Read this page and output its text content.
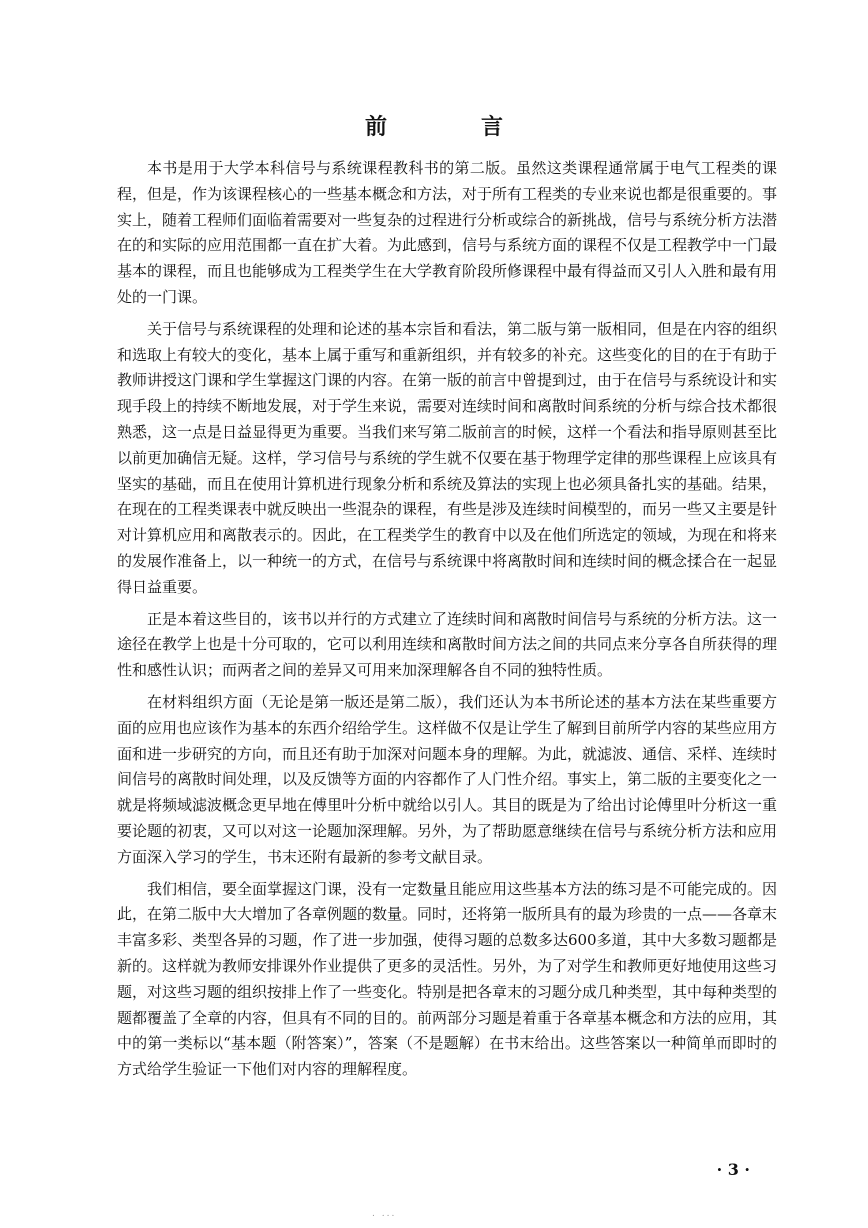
前　言

本书是用于大学本科信号与系统课程教科书的第二版。虽然这类课程通常属于电气工程类的课程，但是，作为该课程核心的一些基本概念和方法，对于所有工程类的专业来说也都是很重要的。事实上，随着工程师们面临着需要对一些复杂的过程进行分析或综合的新挑战，信号与系统分析方法潜在的和实际的应用范围都一直在扩大着。为此感到，信号与系统方面的课程不仅是工程教学中一门最基本的课程，而且也能够成为工程类学生在大学教育阶段所修课程中最有得益而又引人入胜和最有用处的一门课。

关于信号与系统课程的处理和论述的基本宗旨和看法，第二版与第一版相同，但是在内容的组织和选取上有较大的变化，基本上属于重写和重新组织，并有较多的补充。这些变化的目的在于有助于教师讲授这门课和学生掌握这门课的内容。在第一版的前言中曾提到过，由于在信号与系统设计和实现手段上的持续不断地发展，对于学生来说，需要对连续时间和离散时间系统的分析与综合技术都很熟悉，这一点是日益显得更为重要。当我们来写第二版前言的时候，这样一个看法和指导原则甚至比以前更加确信无疑。这样，学习信号与系统的学生就不仅要在基于物理学定律的那些课程上应该具有坚实的基础，而且在使用计算机进行现象分析和系统及算法的实现上也必须具备扎实的基础。结果，在现在的工程类课表中就反映出一些混杂的课程，有些是涉及连续时间模型的，而另一些又主要是针对计算机应用和离散表示的。因此，在工程类学生的教育中以及在他们所选定的领域，为现在和将来的发展作准备上，以一种统一的方式，在信号与系统课中将离散时间和连续时间的概念揉合在一起显得日益重要。

正是本着这些目的，该书以并行的方式建立了连续时间和离散时间信号与系统的分析方法。这一途径在教学上也是十分可取的，它可以利用连续和离散时间方法之间的共同点来分享各自所获得的理性和感性认识；而两者之间的差异又可用来加深理解各自不同的独特性质。

在材料组织方面（无论是第一版还是第二版），我们还认为本书所论述的基本方法在某些重要方面的应用也应该作为基本的东西介绍给学生。这样做不仅是让学生了解到目前所学内容的某些应用方面和进一步研究的方向，而且还有助于加深对问题本身的理解。为此，就滤波、通信、采样、连续时间信号的离散时间处理，以及反馈等方面的内容都作了人门性介绍。事实上，第二版的主要变化之一就是将频域滤波概念更早地在傅里叶分析中就给以引人。其目的既是为了给出讨论傅里叶分析这一重要论题的初衷，又可以对这一论题加深理解。另外，为了帮助愿意继续在信号与系统分析方法和应用方面深入学习的学生，书末还附有最新的参考文献目录。

我们相信，要全面掌握这门课，没有一定数量且能应用这些基本方法的练习是不可能完成的。因此，在第二版中大大增加了各章例题的数量。同时，还将第一版所具有的最为珍贵的一点——各章末丰富多彩、类型各异的习题，作了进一步加强，使得习题的总数多达600多道，其中大多数习题都是新的。这样就为教师安排课外作业提供了更多的灵活性。另外，为了对学生和教师更好地使用这些习题，对这些习题的组织按排上作了一些变化。特别是把各章末的习题分成几种类型，其中每种类型的题都覆盖了全章的内容，但具有不同的目的。前两部分习题是着重于各章基本概念和方法的应用，其中的第一类标以“基本题（附答案）”，答案（不是题解）在书末给出。这些答案以一种简单而即时的方式给学生验证一下他们对内容的理解程度。

· 3 ·
. ...
